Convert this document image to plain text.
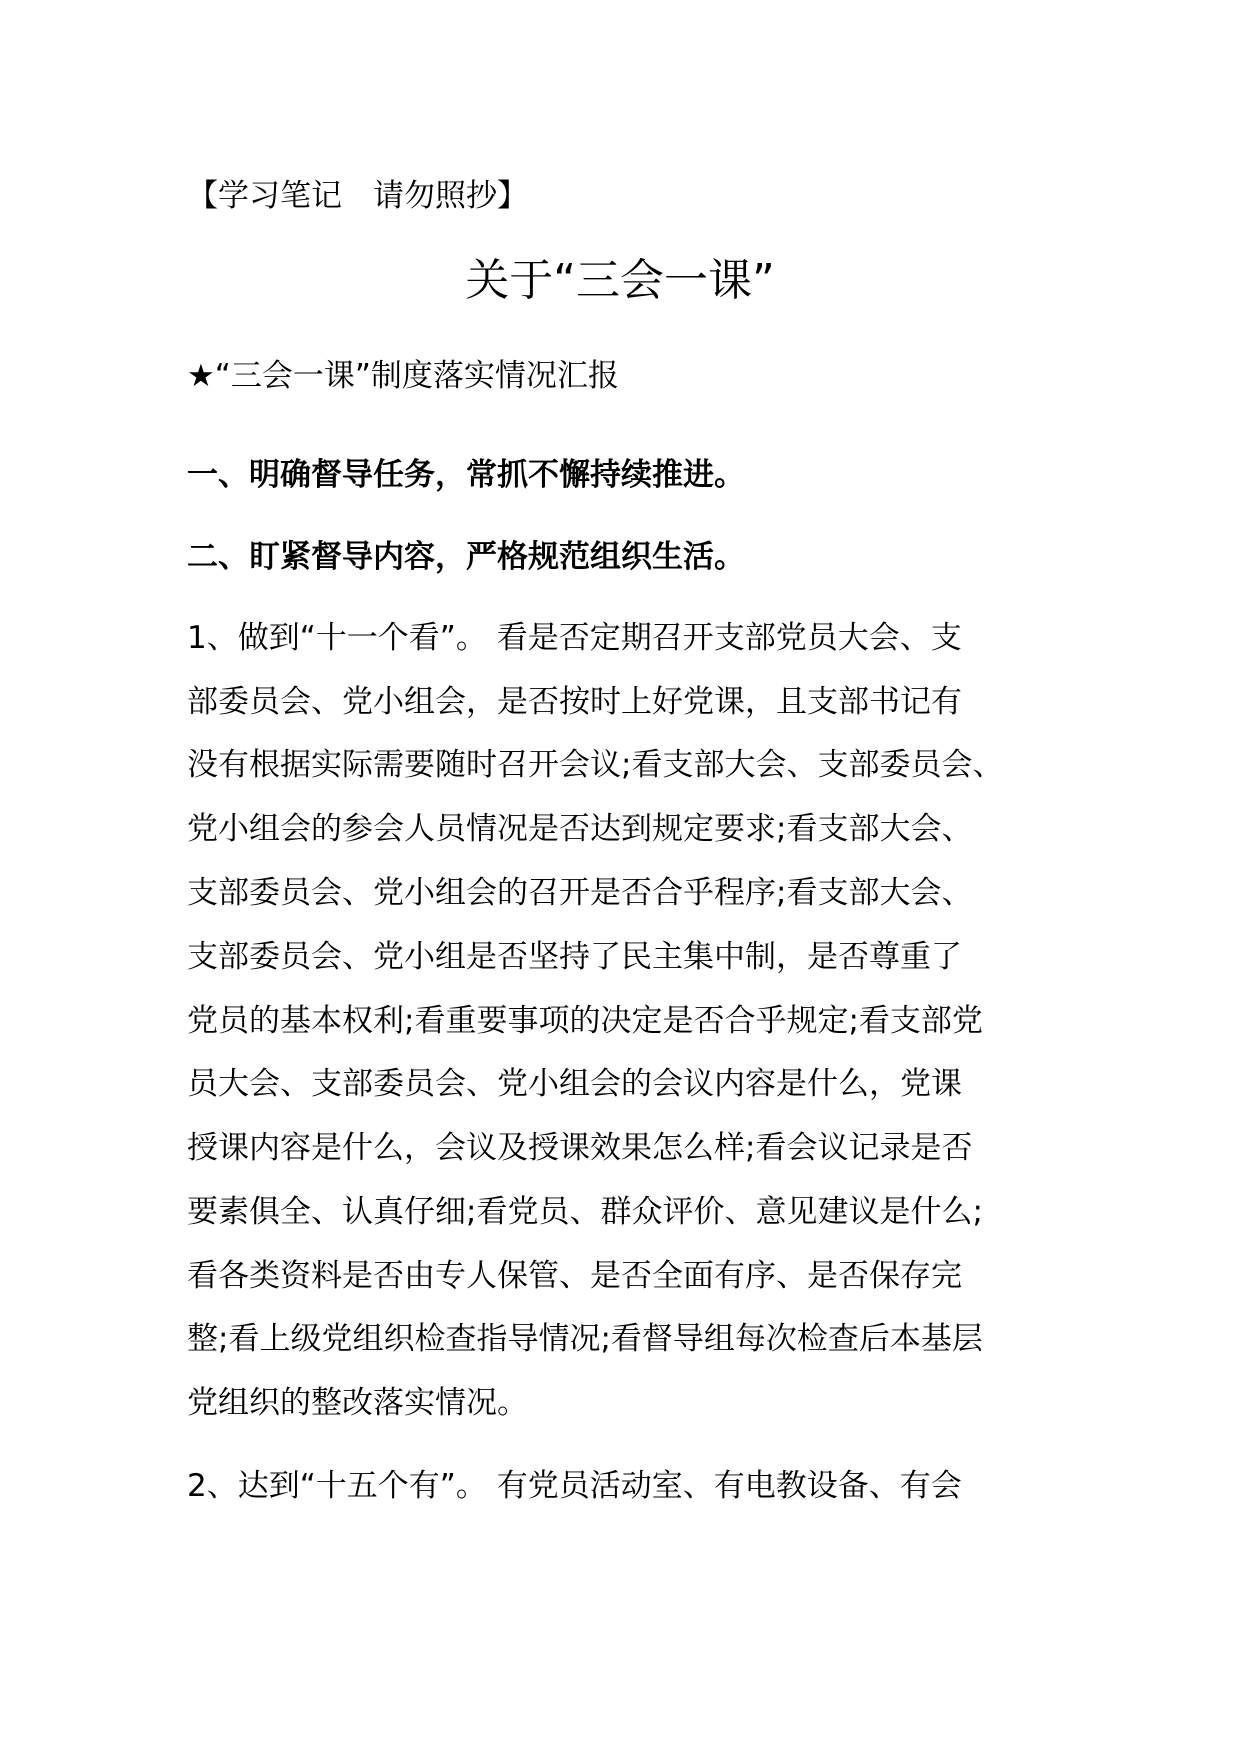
【学习笔记　请勿照抄】
关于“三会一课”
★“三会一课”制度落实情况汇报
一、明确督导任务，常抓不懈持续推进。
二、盯紧督导内容，严格规范组织生活。
1、做到“十一个看”。 看是否定期召开支部党员大会、支
部委员会、党小组会，是否按时上好党课，且支部书记有
没有根据实际需要随时召开会议;看支部大会、支部委员会、
党小组会的参会人员情况是否达到规定要求;看支部大会、
支部委员会、党小组会的召开是否合乎程序;看支部大会、
支部委员会、党小组是否坚持了民主集中制，是否尊重了
党员的基本权利;看重要事项的决定是否合乎规定;看支部党
员大会、支部委员会、党小组会的会议内容是什么，党课
授课内容是什么，会议及授课效果怎么样;看会议记录是否
要素俱全、认真仔细;看党员、群众评价、意见建议是什么;
看各类资料是否由专人保管、是否全面有序、是否保存完
整;看上级党组织检查指导情况;看督导组每次检查后本基层
党组织的整改落实情况。
2、达到“十五个有”。 有党员活动室、有电教设备、有会
